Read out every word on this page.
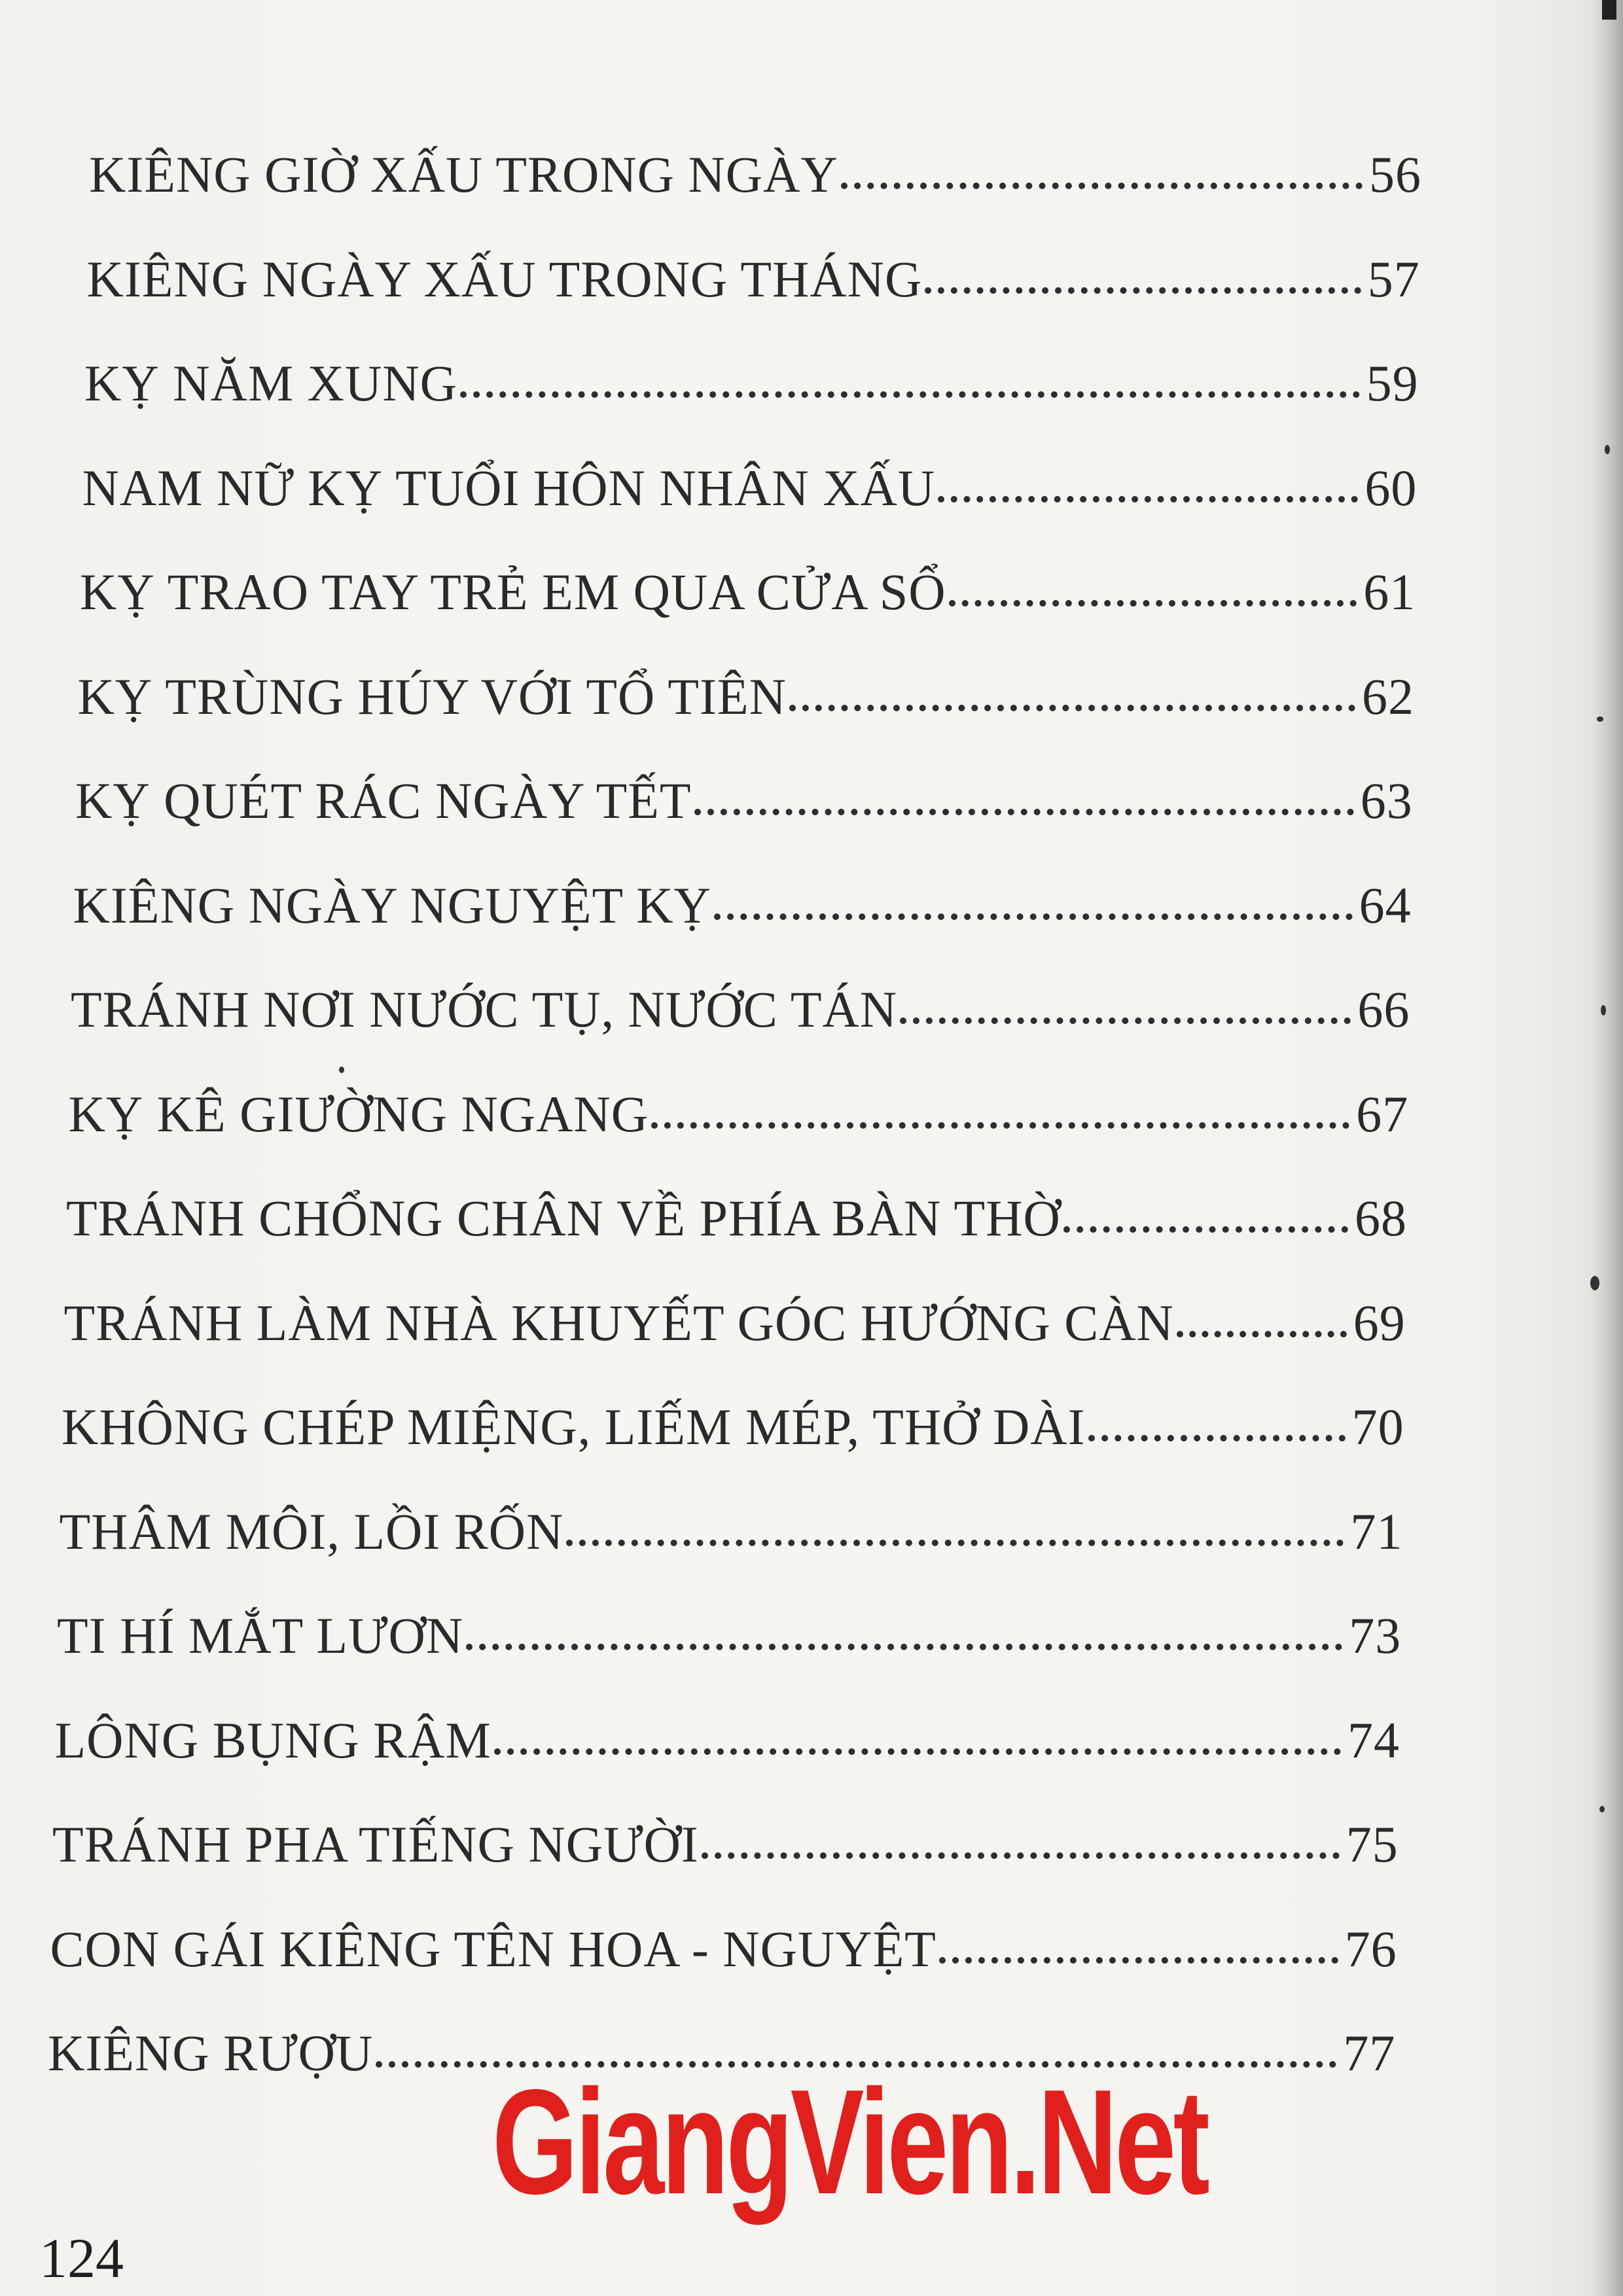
KIÊNG GIỜ XẤU TRONG NGÀY	56
KIÊNG NGÀY XẤU TRONG THÁNG	57
KỴ NĂM XUNG	59
NAM NỮ KỴ TUỔI HÔN NHÂN XẤU	60
KỴ TRAO TAY TRẺ EM QUA CỬA SỔ	61
KỴ TRÙNG HÚY VỚI TỔ TIÊN	62
KỴ QUÉT RÁC NGÀY TẾT	63
KIÊNG NGÀY NGUYỆT KỴ	64
TRÁNH NƠI NƯỚC TỤ, NƯỚC TÁN	66
KỴ KÊ GIƯỜNG NGANG	67
TRÁNH CHỔNG CHÂN VỀ PHÍA BÀN THỜ	68
TRÁNH LÀM NHÀ KHUYẾT GÓC HƯỚNG CÀN	69
KHÔNG CHÉP MIỆNG, LIẾM MÉP, THỞ DÀI	70
THÂM MÔI, LỒI RỐN	71
TI HÍ MẮT LƯƠN	73
LÔNG BỤNG RẬM	74
TRÁNH PHA TIẾNG NGƯỜI	75
CON GÁI KIÊNG TÊN HOA - NGUYỆT	76
KIÊNG RƯỢU	77
GiangVien.Net
124
